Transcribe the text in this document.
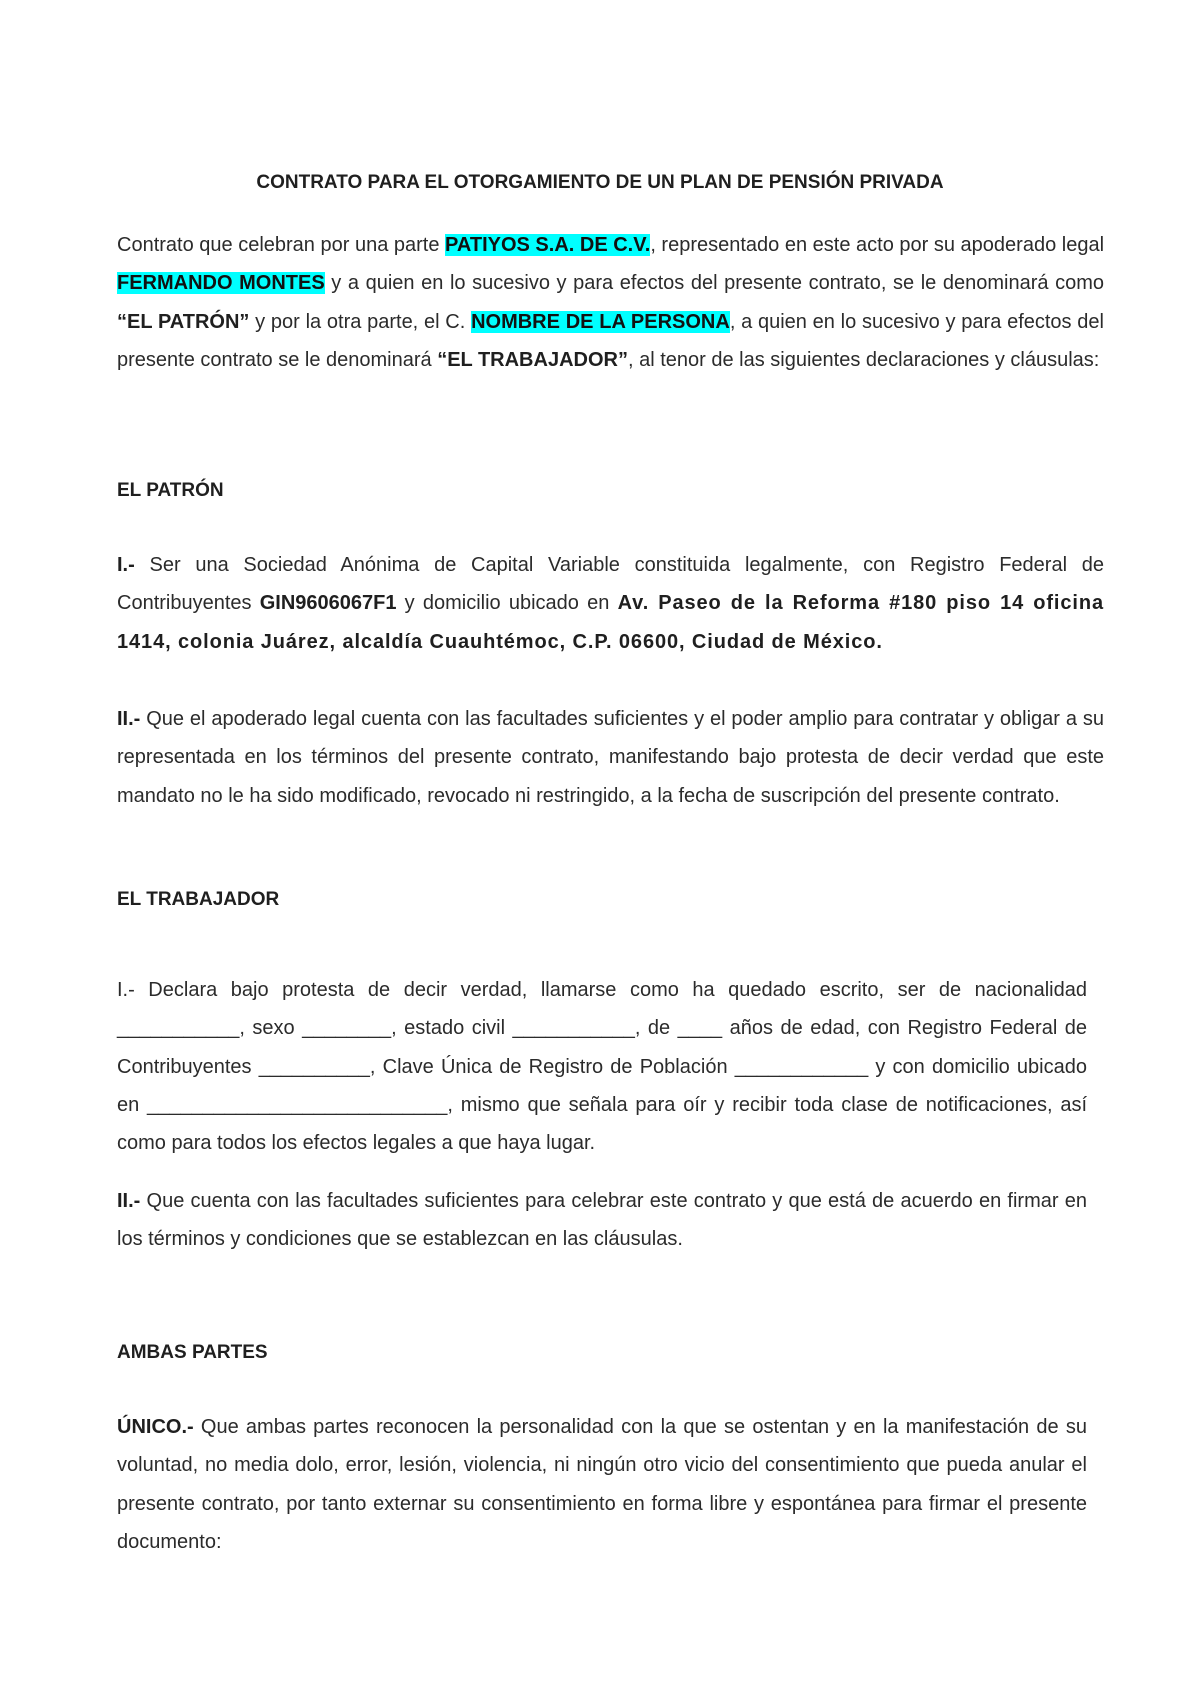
CONTRATO PARA EL OTORGAMIENTO DE UN PLAN DE PENSIÓN PRIVADA
Contrato que celebran por una parte PATIYOS S.A. DE C.V., representado en este acto por su apoderado legal FERMANDO MONTES y a quien en lo sucesivo y para efectos del presente contrato, se le denominará como “EL PATRÓN” y por la otra parte, el C. NOMBRE DE LA PERSONA, a quien en lo sucesivo y para efectos del presente contrato se le denominará “EL TRABAJADOR”, al tenor de las siguientes declaraciones y cláusulas:
EL PATRÓN
I.- Ser una Sociedad Anónima de Capital Variable constituida legalmente, con Registro Federal de Contribuyentes GIN9606067F1 y domicilio ubicado en Av. Paseo de la Reforma #180 piso 14 oficina 1414, colonia Juárez, alcaldía Cuauhtémoc, C.P. 06600, Ciudad de México.
II.- Que el apoderado legal cuenta con las facultades suficientes y el poder amplio para contratar y obligar a su representada en los términos del presente contrato, manifestando bajo protesta de decir verdad que este mandato no le ha sido modificado, revocado ni restringido, a la fecha de suscripción del presente contrato.
EL TRABAJADOR
I.- Declara bajo protesta de decir verdad, llamarse como ha quedado escrito, ser de nacionalidad ___________, sexo ________, estado civil ___________, de ____ años de edad, con Registro Federal de Contribuyentes __________, Clave Única de Registro de Población ____________ y con domicilio ubicado en ___________________________, mismo que señala para oír y recibir toda clase de notificaciones, así como para todos los efectos legales a que haya lugar.
II.- Que cuenta con las facultades suficientes para celebrar este contrato y que está de acuerdo en firmar en los términos y condiciones que se establezcan en las cláusulas.
AMBAS PARTES
ÚNICO.- Que ambas partes reconocen la personalidad con la que se ostentan y en la manifestación de su voluntad, no media dolo, error, lesión, violencia, ni ningún otro vicio del consentimiento que pueda anular el presente contrato, por tanto externar su consentimiento en forma libre y espontánea para firmar el presente documento:
